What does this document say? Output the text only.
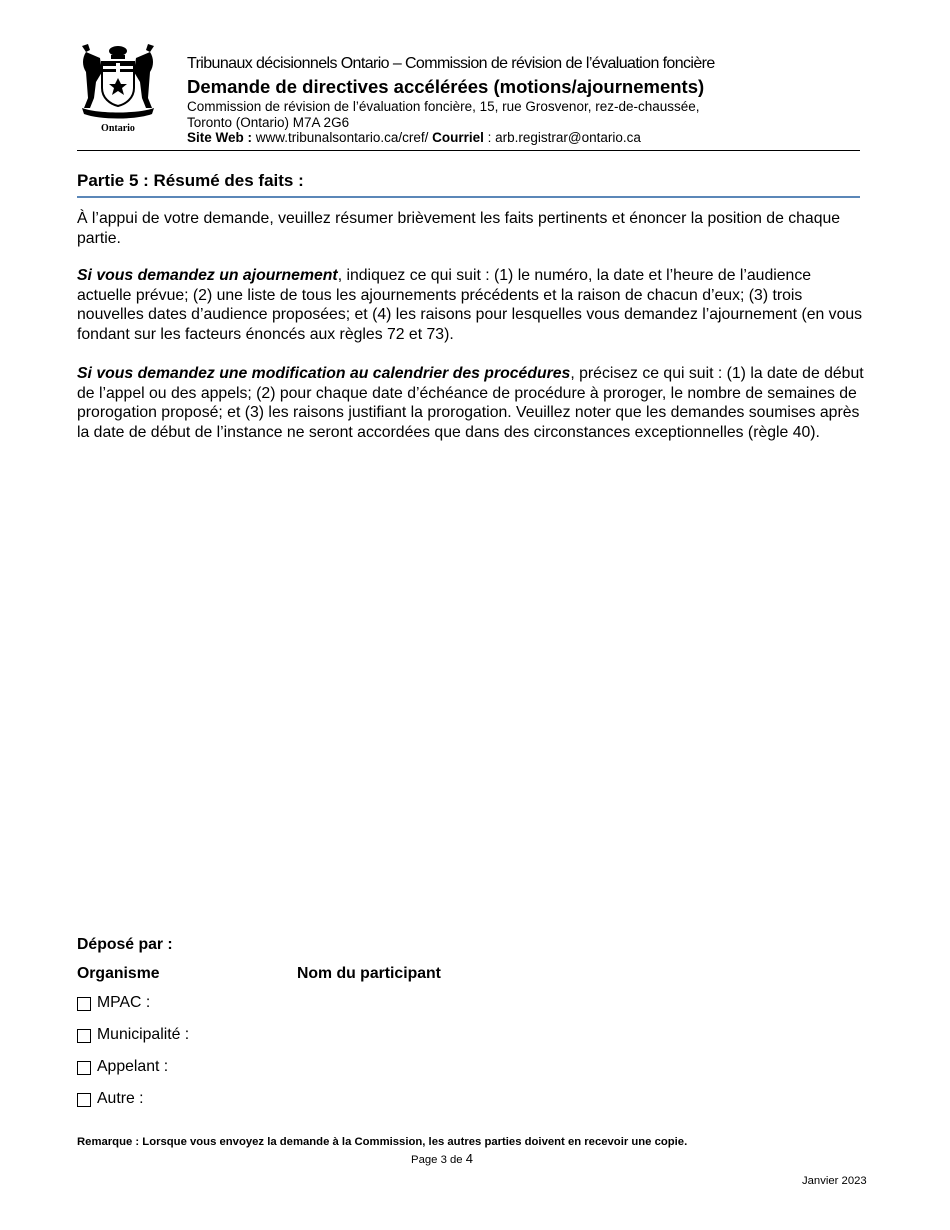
Ontario
Tribunaux décisionnels Ontario – Commission de révision de l’évaluation foncière
Demande de directives accélérées (motions/ajournements)
Commission de révision de l’évaluation foncière, 15, rue Grosvenor, rez-de-chaussée,
Toronto (Ontario) M7A 2G6
Site Web : www.tribunalsontario.ca/cref/ Courriel : arb.registrar@ontario.ca
Partie 5 : Résumé des faits :
À l’appui de votre demande, veuillez résumer brièvement les faits pertinents et énoncer la position de chaque partie.
Si vous demandez un ajournement, indiquez ce qui suit : (1) le numéro, la date et l’heure de l’audience actuelle prévue; (2) une liste de tous les ajournements précédents et la raison de chacun d’eux; (3) trois nouvelles dates d’audience proposées; et (4) les raisons pour lesquelles vous demandez l’ajournement (en vous fondant sur les facteurs énoncés aux règles 72 et 73).
Si vous demandez une modification au calendrier des procédures, précisez ce qui suit : (1) la date de début de l’appel ou des appels; (2) pour chaque date d’échéance de procédure à proroger, le nombre de semaines de prorogation proposé; et (3) les raisons justifiant la prorogation. Veuillez noter que les demandes soumises après la date de début de l’instance ne seront accordées que dans des circonstances exceptionnelles (règle 40).
Déposé par :
Organisme	Nom du participant
MPAC :
Municipalité :
Appelant :
Autre :
Remarque : Lorsque vous envoyez la demande à la Commission, les autres parties doivent en recevoir une copie.
Page 3 de 4
Janvier 2023
